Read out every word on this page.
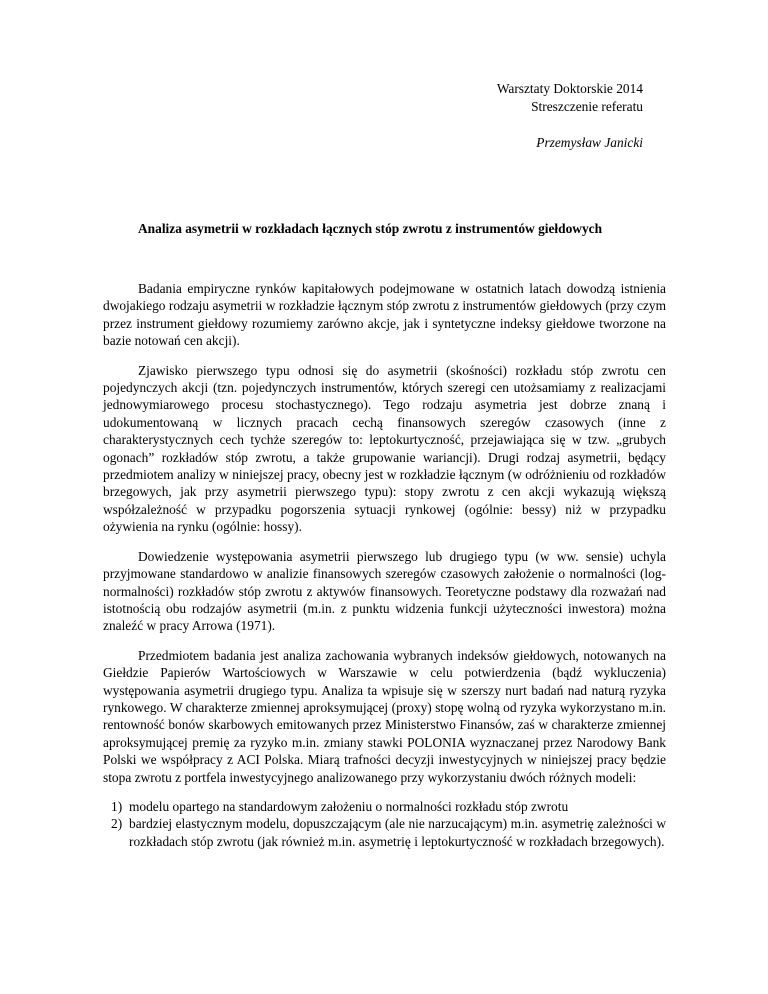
Warsztaty Doktorskie 2014
Streszczenie referatu
Przemysław Janicki
Analiza asymetrii w rozkładach łącznych stóp zwrotu z instrumentów giełdowych

Badania empiryczne rynków kapitałowych podejmowane w ostatnich latach dowodzą istnienia dwojakiego rodzaju asymetrii w rozkładzie łącznym stóp zwrotu z instrumentów giełdowych (przy czym przez instrument giełdowy rozumiemy zarówno akcje, jak i syntetyczne indeksy giełdowe tworzone na bazie notowań cen akcji).

Zjawisko pierwszego typu odnosi się do asymetrii (skośności) rozkładu stóp zwrotu cen pojedynczych akcji (tzn. pojedynczych instrumentów, których szeregi cen utożsamiamy z realizacjami jednowymiarowego procesu stochastycznego). Tego rodzaju asymetria jest dobrze znaną i udokumentowaną w licznych pracach cechą finansowych szeregów czasowych (inne z charakterystycznych cech tychże szeregów to: leptokurtyczność, przejawiająca się w tzw. „grubych ogonach” rozkładów stóp zwrotu, a także grupowanie wariancji). Drugi rodzaj asymetrii, będący przedmiotem analizy w niniejszej pracy, obecny jest w rozkładzie łącznym (w odróżnieniu od rozkładów brzegowych, jak przy asymetrii pierwszego typu): stopy zwrotu z cen akcji wykazują większą współzależność w przypadku pogorszenia sytuacji rynkowej (ogólnie: bessy) niż w przypadku ożywienia na rynku (ogólnie: hossy).

Dowiedzenie występowania asymetrii pierwszego lub drugiego typu (w ww. sensie) uchyla przyjmowane standardowo w analizie finansowych szeregów czasowych założenie o normalności (log-normalności) rozkładów stóp zwrotu z aktywów finansowych. Teoretyczne podstawy dla rozważań nad istotnością obu rodzajów asymetrii (m.in. z punktu widzenia funkcji użyteczności inwestora) można znaleźć w pracy Arrowa (1971).

Przedmiotem badania jest analiza zachowania wybranych indeksów giełdowych, notowanych na Giełdzie Papierów Wartościowych w Warszawie w celu potwierdzenia (bądź wykluczenia) występowania asymetrii drugiego typu. Analiza ta wpisuje się w szerszy nurt badań nad naturą ryzyka rynkowego. W charakterze zmiennej aproksymującej (proxy) stopę wolną od ryzyka wykorzystano m.in. rentowność bonów skarbowych emitowanych przez Ministerstwo Finansów, zaś w charakterze zmiennej aproksymującej premię za ryzyko m.in. zmiany stawki POLONIA wyznaczanej przez Narodowy Bank Polski we współpracy z ACI Polska. Miarą trafności decyzji inwestycyjnych w niniejszej pracy będzie stopa zwrotu z portfela inwestycyjnego analizowanego przy wykorzystaniu dwóch różnych modeli:

1) modelu opartego na standardowym założeniu o normalności rozkładu stóp zwrotu
2) bardziej elastycznym modelu, dopuszczającym (ale nie narzucającym) m.in. asymetrię zależności w rozkładach stóp zwrotu (jak również m.in. asymetrię i leptokurtyczność w rozkładach brzegowych).
